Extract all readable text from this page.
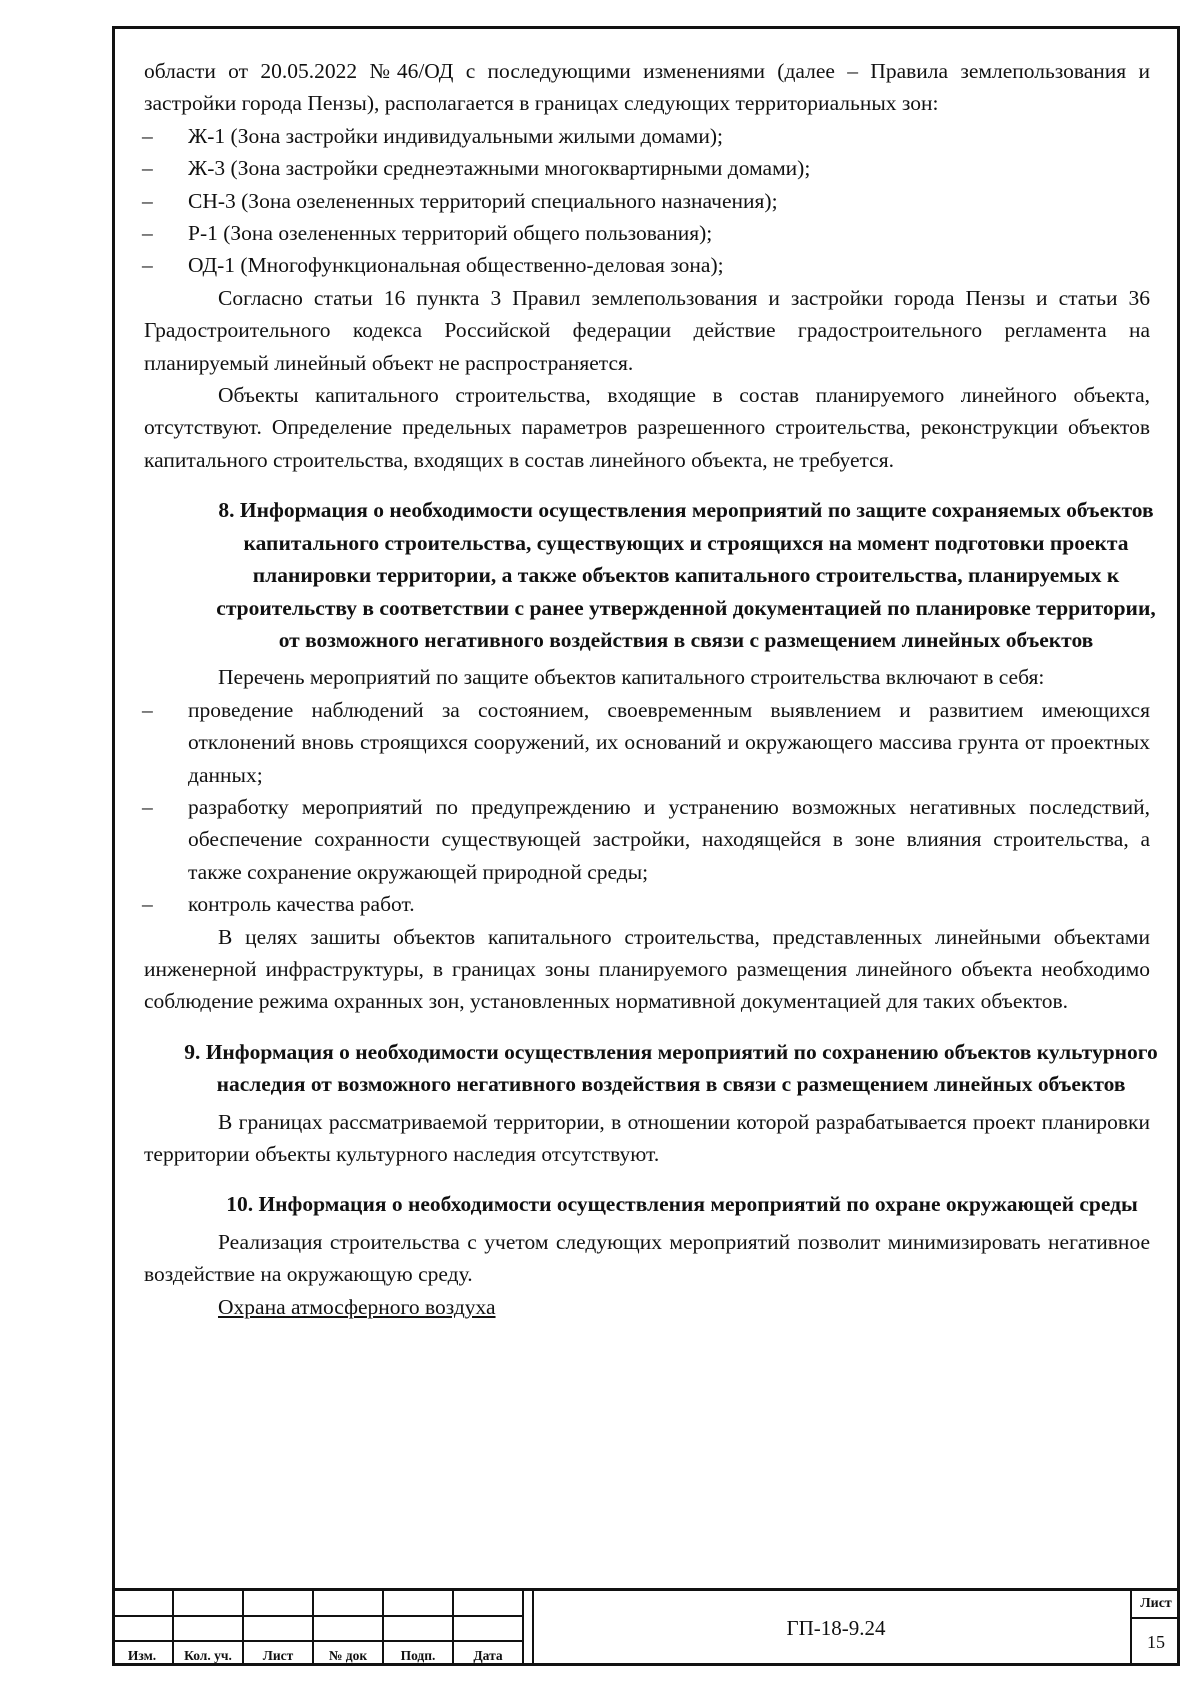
области от 20.05.2022 №46/ОД с последующими изменениями (далее – Правила землепользования и застройки города Пензы), располагается в границах следующих территориальных зон:

– Ж-1 (Зона застройки индивидуальными жилыми домами);

– Ж-3 (Зона застройки среднеэтажными многоквартирными домами);

– СН-3 (Зона озелененных территорий специального назначения);

– Р-1 (Зона озелененных территорий общего пользования);

– ОД-1 (Многофункциональная общественно-деловая зона);

Согласно статьи 16 пункта 3 Правил землепользования и застройки города Пензы и статьи 36 Градостроительного кодекса Российской федерации действие градостроительного регламента на планируемый линейный объект не распространяется.

Объекты капитального строительства, входящие в состав планируемого линейного объекта, отсутствуют. Определение предельных параметров разрешенного строительства, реконструкции объектов капитального строительства, входящих в состав линейного объекта, не требуется.

8. Информация о необходимости осуществления мероприятий по защите сохраняемых объектов капитального строительства, существующих и строящихся на момент подготовки проекта планировки территории, а также объектов капитального строительства, планируемых к строительству в соответствии с ранее утвержденной документацией по планировке территории, от возможного негативного воздействия в связи с размещением линейных объектов

Перечень мероприятий по защите объектов капитального строительства включают в себя:

– проведение наблюдений за состоянием, своевременным выявлением и развитием имеющихся отклонений вновь строящихся сооружений, их оснований и окружающего массива грунта от проектных данных;

– разработку мероприятий по предупреждению и устранению возможных негативных последствий, обеспечение сохранности существующей застройки, находящейся в зоне влияния строительства, а также сохранение окружающей природной среды;

– контроль качества работ.

В целях зашиты объектов капитального строительства, представленных линейными объектами инженерной инфраструктуры, в границах зоны планируемого размещения линейного объекта необходимо соблюдение режима охранных зон, установленных нормативной документацией для таких объектов.

9. Информация о необходимости осуществления мероприятий по сохранению объектов культурного наследия от возможного негативного воздействия в связи с размещением линейных объектов

В границах рассматриваемой территории, в отношении которой разрабатывается проект планировки территории объекты культурного наследия отсутствуют.

10. Информация о необходимости осуществления мероприятий по охране окружающей среды

Реализация строительства с учетом следующих мероприятий позволит минимизировать негативное воздействие на окружающую среду.

Охрана атмосферного воздуха

Изм.	Кол. уч.	Лист	№ док	Подп.	Дата
ГП-18-9.24
Лист
15
